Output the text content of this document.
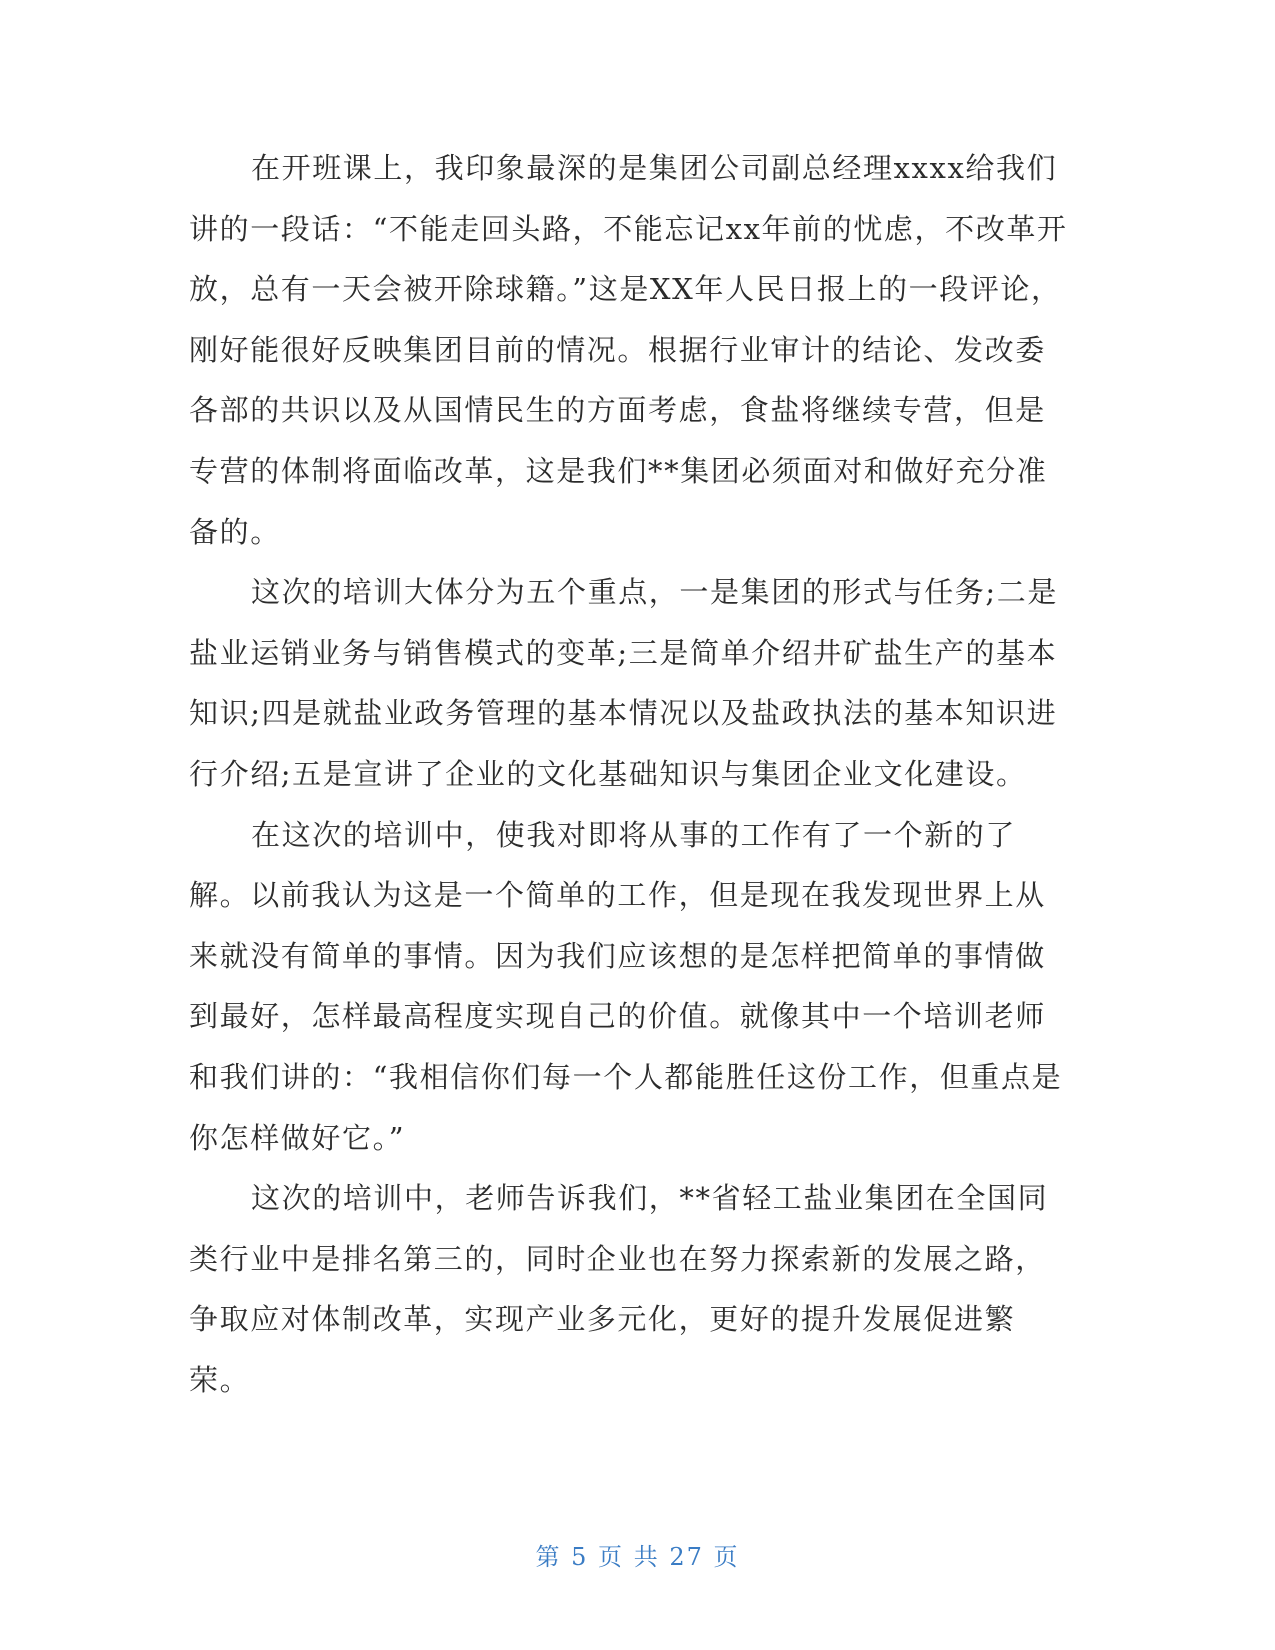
在开班课上，我印象最深的是集团公司副总经理xxxx给我们讲的一段话：“不能走回头路，不能忘记xx年前的忧虑，不改革开放，总有一天会被开除球籍。”这是XX年人民日报上的一段评论，刚好能很好反映集团目前的情况。根据行业审计的结论、发改委各部的共识以及从国情民生的方面考虑，食盐将继续专营，但是专营的体制将面临改革，这是我们**集团必须面对和做好充分准备的。

这次的培训大体分为五个重点，一是集团的形式与任务;二是盐业运销业务与销售模式的变革;三是简单介绍井矿盐生产的基本知识;四是就盐业政务管理的基本情况以及盐政执法的基本知识进行介绍;五是宣讲了企业的文化基础知识与集团企业文化建设。

在这次的培训中，使我对即将从事的工作有了一个新的了解。以前我认为这是一个简单的工作，但是现在我发现世界上从来就没有简单的事情。因为我们应该想的是怎样把简单的事情做到最好，怎样最高程度实现自己的价值。就像其中一个培训老师和我们讲的：“我相信你们每一个人都能胜任这份工作，但重点是你怎样做好它。”

这次的培训中，老师告诉我们，**省轻工盐业集团在全国同类行业中是排名第三的，同时企业也在努力探索新的发展之路，争取应对体制改革，实现产业多元化，更好的提升发展促进繁荣。

第 5 页 共 27 页
